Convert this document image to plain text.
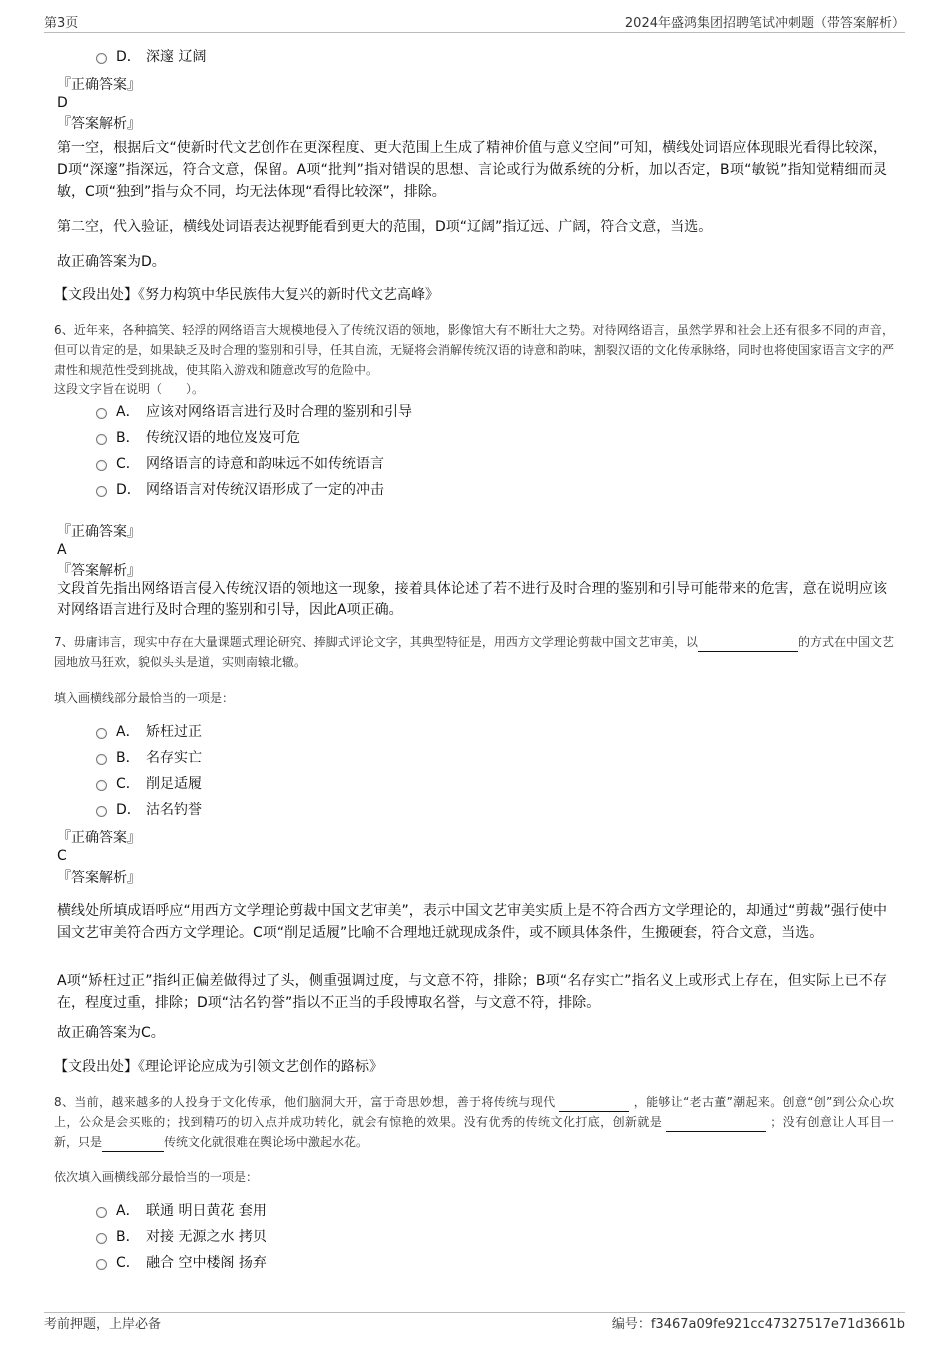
第3页	2024年盛鸿集团招聘笔试冲刺题（带答案解析）
D． 深邃 辽阔
『正确答案』
D
『答案解析』
第一空，根据后文“使新时代文艺创作在更深程度、更大范围上生成了精神价值与意义空间”可知，横线处词语应体现眼光看得比较深，D项“深邃”指深远，符合文意，保留。A项“批判”指对错误的思想、言论或行为做系统的分析，加以否定，B项“敏锐”指知觉精细而灵敏，C项“独到”指与众不同，均无法体现“看得比较深”，排除。
第二空，代入验证，横线处词语表达视野能看到更大的范围，D项“辽阔”指辽远、广阔，符合文意，当选。
故正确答案为D。
【文段出处】《努力构筑中华民族伟大复兴的新时代文艺高峰》
6、近年来，各种搞笑、轻浮的网络语言大规模地侵入了传统汉语的领地，影像馆大有不断壮大之势。对待网络语言，虽然学界和社会上还有很多不同的声音，但可以肯定的是，如果缺乏及时合理的鉴别和引导，任其自流，无疑将会消解传统汉语的诗意和韵味，割裂汉语的文化传承脉络，同时也将使国家语言文字的严肃性和规范性受到挑战，使其陷入游戏和随意改写的危险中。
这段文字旨在说明（　　）。
A． 应该对网络语言进行及时合理的鉴别和引导
B． 传统汉语的地位岌岌可危
C． 网络语言的诗意和韵味远不如传统语言
D． 网络语言对传统汉语形成了一定的冲击
『正确答案』
A
『答案解析』
文段首先指出网络语言侵入传统汉语的领地这一现象，接着具体论述了若不进行及时合理的鉴别和引导可能带来的危害，意在说明应该对网络语言进行及时合理的鉴别和引导，因此A项正确。
7、毋庸讳言，现实中存在大量课题式理论研究、捧脚式评论文字，其典型特征是，用西方文学理论剪裁中国文艺审美，以	的方式在中国文艺园地放马狂欢，貌似头头是道，实则南辕北辙。
填入画横线部分最恰当的一项是：
A． 矫枉过正
B． 名存实亡
C． 削足适履
D． 沽名钓誉
『正确答案』
C
『答案解析』
横线处所填成语呼应“用西方文学理论剪裁中国文艺审美”，表示中国文艺审美实质上是不符合西方文学理论的，却通过“剪裁”强行使中国文艺审美符合西方文学理论。C项“削足适履”比喻不合理地迁就现成条件，或不顾具体条件，生搬硬套，符合文意，当选。
A项“矫枉过正”指纠正偏差做得过了头，侧重强调过度，与文意不符，排除；B项“名存实亡”指名义上或形式上存在，但实际上已不存在，程度过重，排除；D项“沽名钓誉”指以不正当的手段博取名誉，与文意不符，排除。
故正确答案为C。
【文段出处】《理论评论应成为引领文艺创作的路标》
8、当前，越来越多的人投身于文化传承，他们脑洞大开，富于奇思妙想，善于将传统与现代	，能够让“老古董”潮起来。创意“创”到公众心坎上，公众是会买账的；找到精巧的切入点并成功转化，就会有惊艳的效果。没有优秀的传统文化打底，创新就是	；没有创意让人耳目一新，只是	传统文化就很难在舆论场中激起水花。
依次填入画横线部分最恰当的一项是：
A． 联通 明日黄花 套用
B． 对接 无源之水 拷贝
C． 融合 空中楼阁 扬弃
考前押题，上岸必备	编号：f3467a09fe921cc47327517e71d3661b
